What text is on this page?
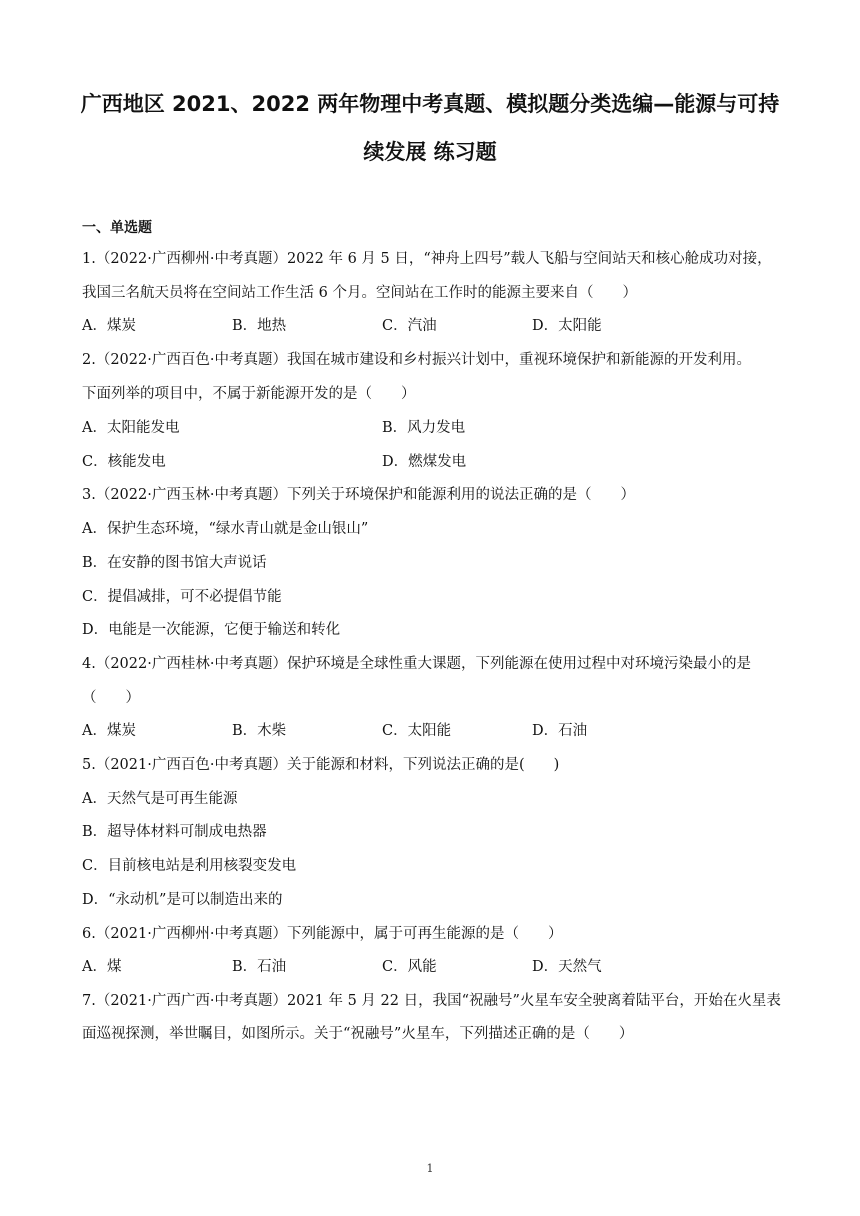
广西地区 2021、2022 两年物理中考真题、模拟题分类选编—能源与可持
续发展 练习题
一、单选题
1.（2022·广西柳州·中考真题）2022 年 6 月 5 日，“神舟上四号”载人飞船与空间站天和核心舱成功对接，
我国三名航天员将在空间站工作生活 6 个月。空间站在工作时的能源主要来自（　　）
A．煤炭	B．地热	C．汽油	D．太阳能
2.（2022·广西百色·中考真题）我国在城市建设和乡村振兴计划中，重视环境保护和新能源的开发利用。
下面列举的项目中，不属于新能源开发的是（　　）
A．太阳能发电	B．风力发电
C．核能发电	D．燃煤发电
3.（2022·广西玉林·中考真题）下列关于环境保护和能源利用的说法正确的是（　　）
A．保护生态环境，“绿水青山就是金山银山”
B．在安静的图书馆大声说话
C．提倡减排，可不必提倡节能
D．电能是一次能源，它便于输送和转化
4.（2022·广西桂林·中考真题）保护环境是全球性重大课题，下列能源在使用过程中对环境污染最小的是
（　　）
A．煤炭	B．木柴	C．太阳能	D．石油
5.（2021·广西百色·中考真题）关于能源和材料，下列说法正确的是(　　)
A．天然气是可再生能源
B．超导体材料可制成电热器
C．目前核电站是利用核裂变发电
D．“永动机”是可以制造出来的
6.（2021·广西柳州·中考真题）下列能源中，属于可再生能源的是（　　）
A．煤	B．石油	C．风能	D．天然气
7.（2021·广西广西·中考真题）2021 年 5 月 22 日，我国“祝融号”火星车安全驶离着陆平台，开始在火星表
面巡视探测，举世瞩目，如图所示。关于“祝融号”火星车，下列描述正确的是（　　）
1
